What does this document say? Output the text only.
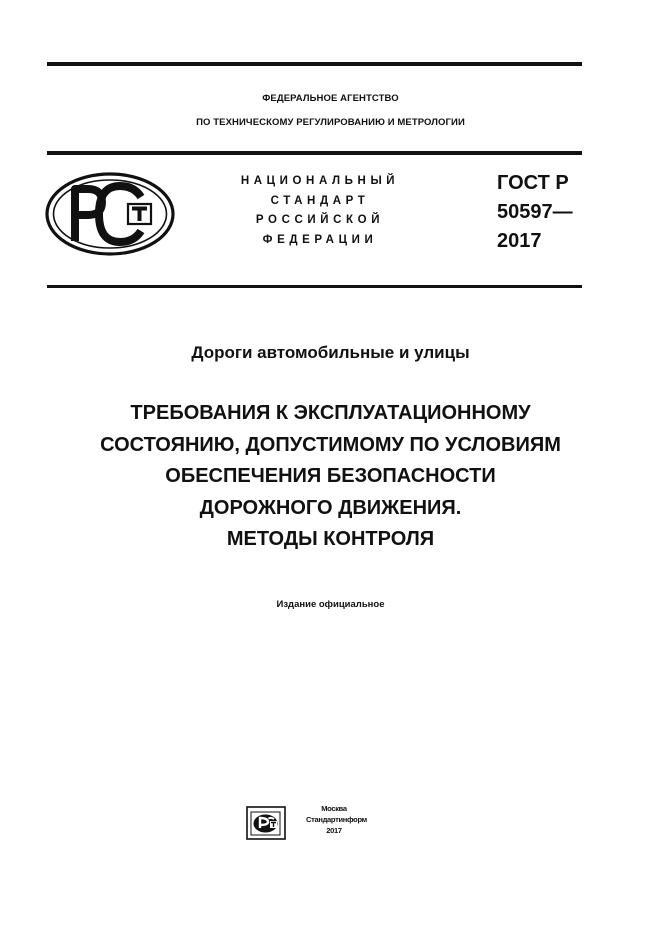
ФЕДЕРАЛЬНОЕ АГЕНТСТВО
ПО ТЕХНИЧЕСКОМУ РЕГУЛИРОВАНИЮ И МЕТРОЛОГИИ
НАЦИОНАЛЬНЫЙ
СТАНДАРТ
РОССИЙСКОЙ
ФЕДЕРАЦИИ
ГОСТ Р
50597—
2017
Дороги автомобильные и улицы
ТРЕБОВАНИЯ К ЭКСПЛУАТАЦИОННОМУ
СОСТОЯНИЮ, ДОПУСТИМОМУ ПО УСЛОВИЯМ
ОБЕСПЕЧЕНИЯ БЕЗОПАСНОСТИ
ДОРОЖНОГО ДВИЖЕНИЯ.
МЕТОДЫ КОНТРОЛЯ
Издание официальное
Москва
Стандартинформ
2017
